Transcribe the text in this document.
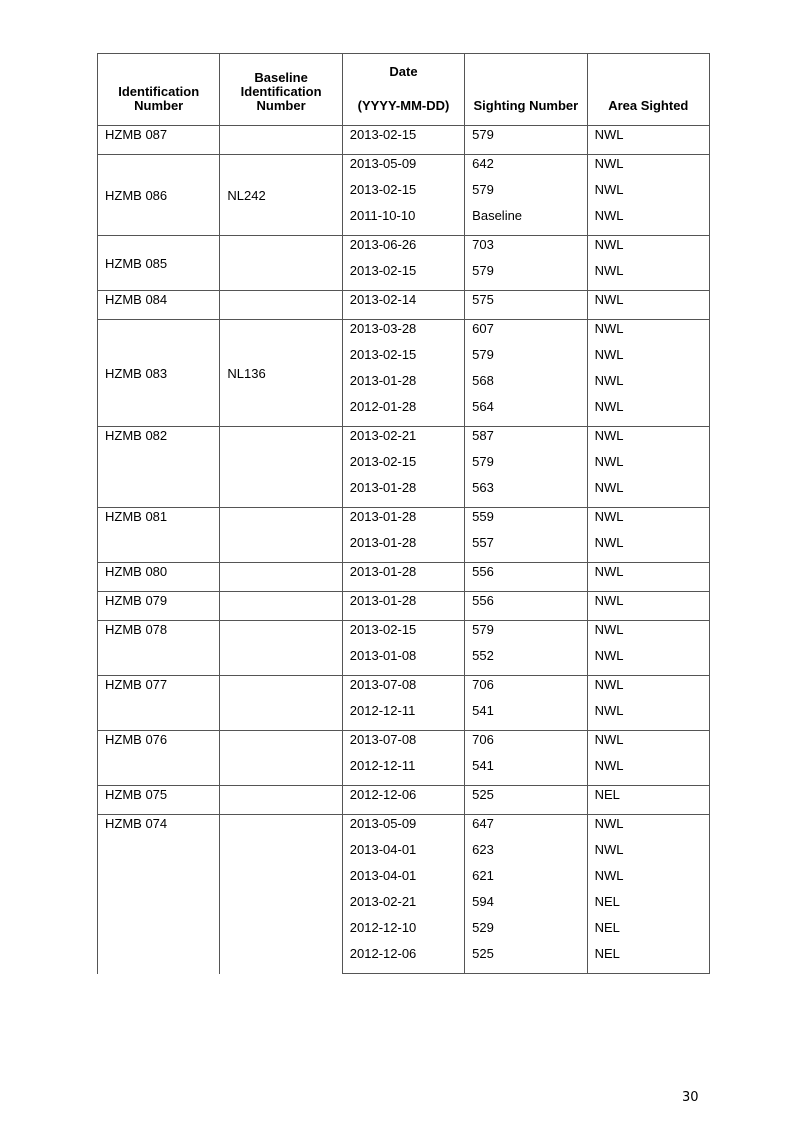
Identification
Number	Baseline
Identification
Number	Date
(YYYY-MM-DD)	Sighting Number	Area Sighted
HZMB 087		2013-02-15	579	NWL
HZMB 086	NL242	2013-05-09	642	NWL
		2013-02-15	579	NWL
		2011-10-10	Baseline	NWL
HZMB 085		2013-06-26	703	NWL
		2013-02-15	579	NWL
HZMB 084		2013-02-14	575	NWL
HZMB 083	NL136	2013-03-28	607	NWL
		2013-02-15	579	NWL
		2013-01-28	568	NWL
		2012-01-28	564	NWL
HZMB 082		2013-02-21	587	NWL
		2013-02-15	579	NWL
		2013-01-28	563	NWL
HZMB 081		2013-01-28	559	NWL
		2013-01-28	557	NWL
HZMB 080		2013-01-28	556	NWL
HZMB 079		2013-01-28	556	NWL
HZMB 078		2013-02-15	579	NWL
		2013-01-08	552	NWL
HZMB 077		2013-07-08	706	NWL
		2012-12-11	541	NWL
HZMB 076		2013-07-08	706	NWL
		2012-12-11	541	NWL
HZMB 075		2012-12-06	525	NEL
HZMB 074		2013-05-09	647	NWL
		2013-04-01	623	NWL
		2013-04-01	621	NWL
		2013-02-21	594	NEL
		2012-12-10	529	NEL
		2012-12-06	525	NEL
30
